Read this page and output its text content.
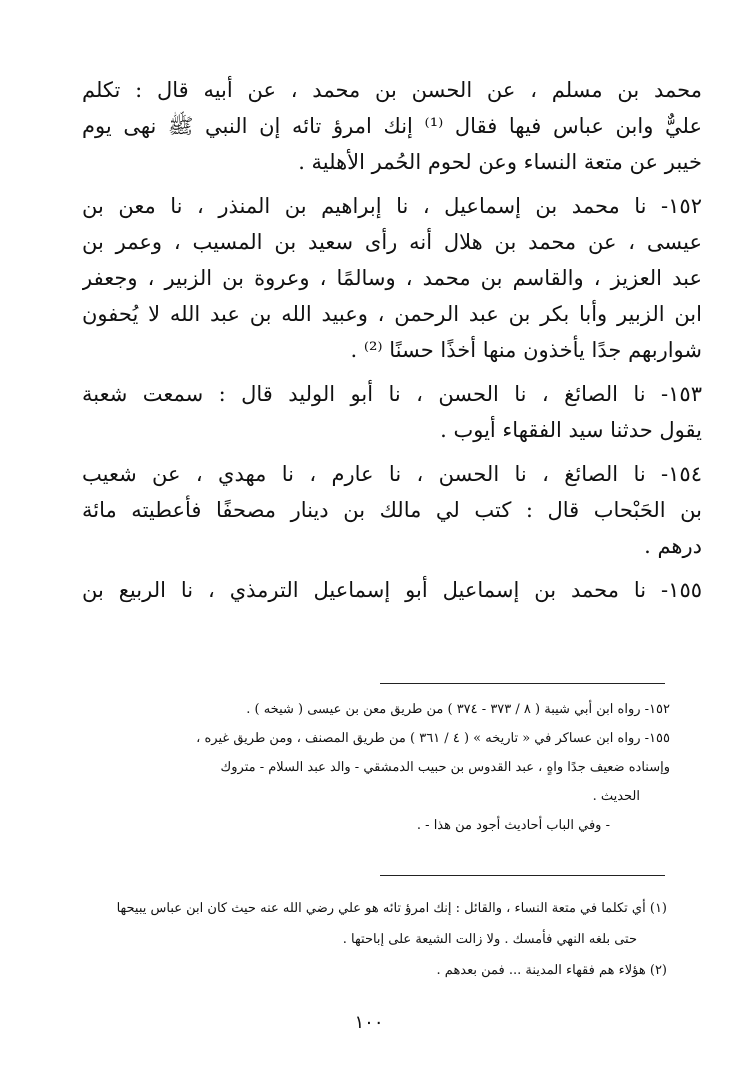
محمد بن مسلم ، عن الحسن بن محمد ، عن أبيه قال : تكلم
عليٌّ وابن عباس فيها فقال ⁽¹⁾ إنك امرؤ تائه إن النبي ﷺ نهى يوم
خيبر عن متعة النساء وعن لحوم الحُمر الأهلية .
١٥٢- نا محمد بن إسماعيل ، نا إبراهيم بن المنذر ، نا معن بن
عيسى ، عن محمد بن هلال أنه رأى سعيد بن المسيب ، وعمر بن
عبد العزيز ، والقاسم بن محمد ، وسالمًا ، وعروة بن الزبير ، وجعفر
ابن الزبير وأبا بكر بن عبد الرحمن ، وعبيد الله بن عبد الله لا يُحفون
شواربهم جدًا يأخذون منها أخذًا حسنًا ⁽²⁾ .
١٥٣- نا الصائغ ، نا الحسن ، نا أبو الوليد قال : سمعت شعبة
يقول حدثنا سيد الفقهاء أيوب .
١٥٤- نا الصائغ ، نا الحسن ، نا عارم ، نا مهدي ، عن شعيب
بن الحَبْحاب قال : كتب لي مالك بن دينار مصحفًا فأعطيته مائة
درهم .
١٥٥- نا محمد بن إسماعيل أبو إسماعيل الترمذي ، نا الربيع بن
١٥٢- رواه ابن أبي شيبة ( ٨ / ٣٧٣ - ٣٧٤ ) من طريق معن بن عيسى ( شيخه ) .
١٥٥- رواه ابن عساكر في « تاريخه » ( ٤ / ٣٦١ ) من طريق المصنف ، ومن طريق غيره ،
وإسناده ضعيف جدًا واهٍ ، عبد القدوس بن حبيب الدمشقي - والد عبد السلام - متروك
الحديث .
- وفي الباب أحاديث أجود من هذا - .
(١) أي تكلما في متعة النساء ، والقائل : إنك امرؤ تائه هو علي رضي الله عنه حيث كان ابن عباس يبيحها
حتى بلغه النهي فأمسك . ولا زالت الشيعة على إباحتها .
(٢) هؤلاء هم فقهاء المدينة ... فمن بعدهم .
١٠٠
